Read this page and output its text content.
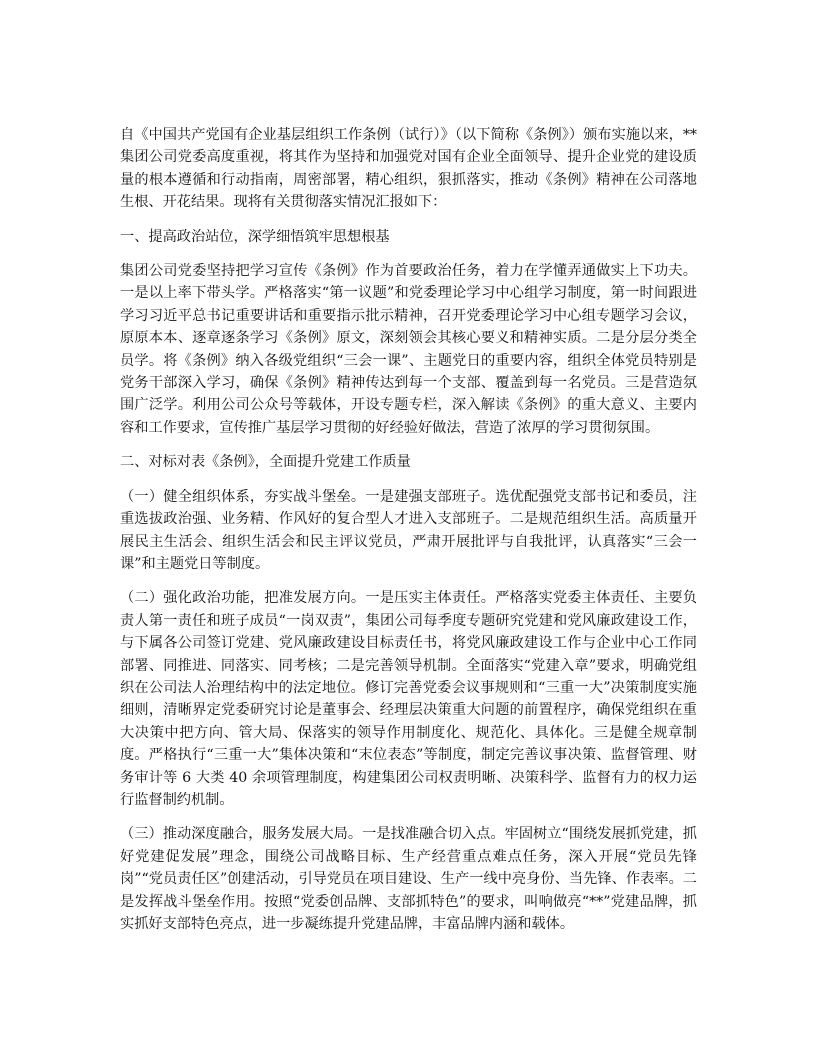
自《中国共产党国有企业基层组织工作条例（试行）》（以下简称《条例》）颁布实施以来，**集团公司党委高度重视，将其作为坚持和加强党对国有企业全面领导、提升企业党的建设质量的根本遵循和行动指南，周密部署，精心组织，狠抓落实，推动《条例》精神在公司落地生根、开花结果。现将有关贯彻落实情况汇报如下：

一、提高政治站位，深学细悟筑牢思想根基

集团公司党委坚持把学习宣传《条例》作为首要政治任务，着力在学懂弄通做实上下功夫。一是以上率下带头学。严格落实“第一议题”和党委理论学习中心组学习制度，第一时间跟进学习习近平总书记重要讲话和重要指示批示精神，召开党委理论学习中心组专题学习会议，原原本本、逐章逐条学习《条例》原文，深刻领会其核心要义和精神实质。二是分层分类全员学。将《条例》纳入各级党组织“三会一课”、主题党日的重要内容，组织全体党员特别是党务干部深入学习，确保《条例》精神传达到每一个支部、覆盖到每一名党员。三是营造氛围广泛学。利用公司公众号等载体，开设专题专栏，深入解读《条例》的重大意义、主要内容和工作要求，宣传推广基层学习贯彻的好经验好做法，营造了浓厚的学习贯彻氛围。

二、对标对表《条例》，全面提升党建工作质量

（一）健全组织体系，夯实战斗堡垒。一是建强支部班子。选优配强党支部书记和委员，注重选拔政治强、业务精、作风好的复合型人才进入支部班子。二是规范组织生活。高质量开展民主生活会、组织生活会和民主评议党员，严肃开展批评与自我批评，认真落实“三会一课”和主题党日等制度。

（二）强化政治功能，把准发展方向。一是压实主体责任。严格落实党委主体责任、主要负责人第一责任和班子成员“一岗双责”，集团公司每季度专题研究党建和党风廉政建设工作，与下属各公司签订党建、党风廉政建设目标责任书，将党风廉政建设工作与企业中心工作同部署、同推进、同落实、同考核；二是完善领导机制。全面落实“党建入章”要求，明确党组织在公司法人治理结构中的法定地位。修订完善党委会议事规则和“三重一大”决策制度实施细则，清晰界定党委研究讨论是董事会、经理层决策重大问题的前置程序，确保党组织在重大决策中把方向、管大局、保落实的领导作用制度化、规范化、具体化。三是健全规章制度。严格执行“三重一大”集体决策和“末位表态”等制度，制定完善议事决策、监督管理、财务审计等 6 大类 40 余项管理制度，构建集团公司权责明晰、决策科学、监督有力的权力运行监督制约机制。

（三）推动深度融合，服务发展大局。一是找准融合切入点。牢固树立“围绕发展抓党建，抓好党建促发展”理念，围绕公司战略目标、生产经营重点难点任务，深入开展“党员先锋岗”“党员责任区”创建活动，引导党员在项目建设、生产一线中亮身份、当先锋、作表率。二是发挥战斗堡垒作用。按照“党委创品牌、支部抓特色”的要求，叫响做亮“**”党建品牌，抓实抓好支部特色亮点，进一步凝练提升党建品牌，丰富品牌内涵和载体。
